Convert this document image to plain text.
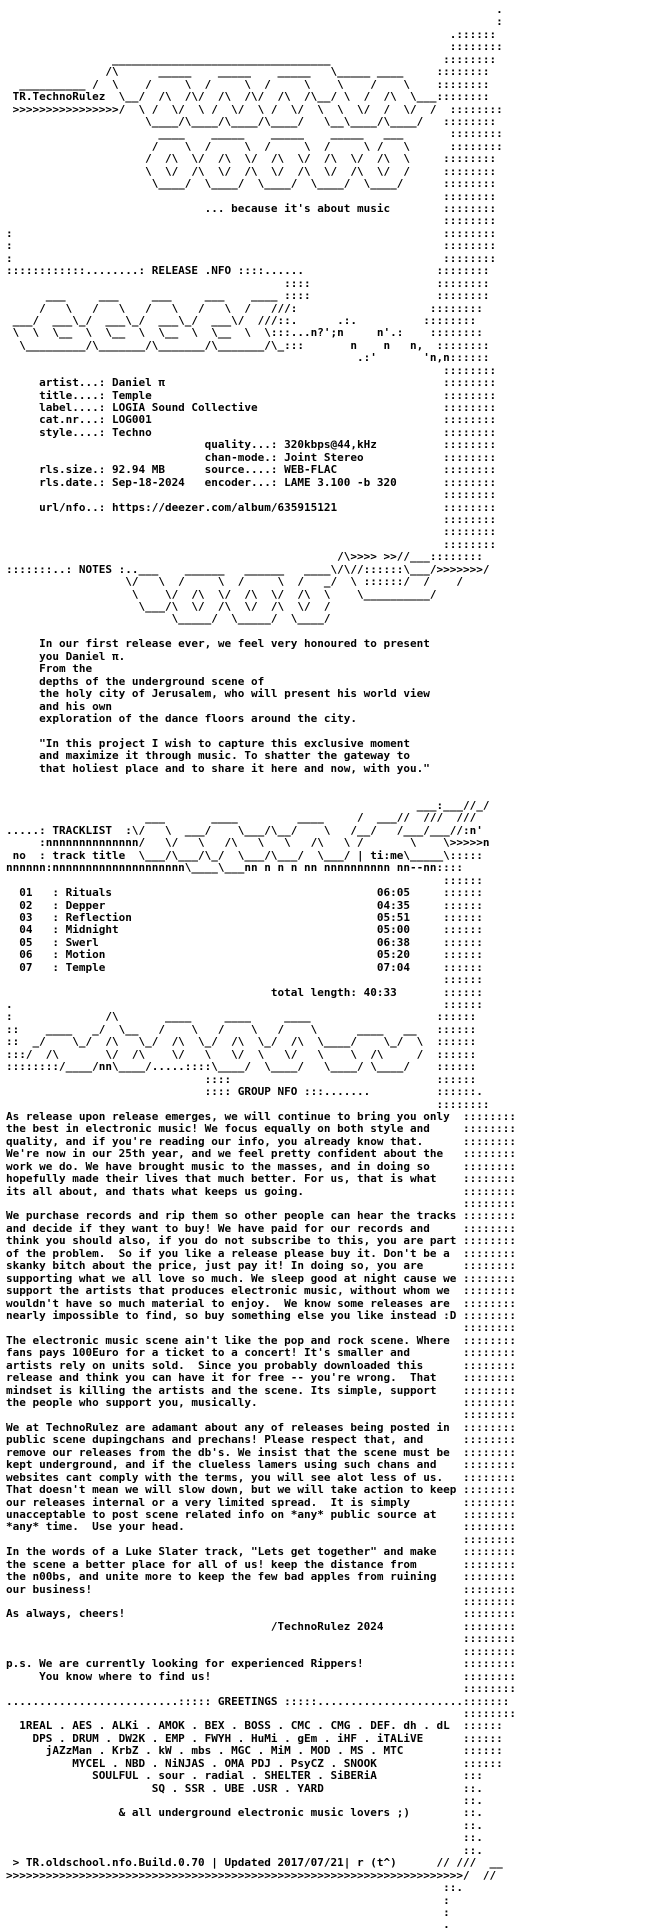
.
:
.::::::
::::::::
_________________________________                 ::::::::
/\      _____    _____    _____   \_____ ____     ::::::::
__________ /  \    /     \  /     \  /     \    \    /    \    ::::::::
TR.TechnoRulez  \__/  /\  /\/  /\  /\/  /\  /\__/ \  /  /\  \___::::::::
>>>>>>>>>>>>>>>>/  \ /  \/  \ /  \/  \ /  \/  \  \  \/  /  \/  /  ::::::::
\____/\____/\____/\____/   \__\____/\____/   ::::::::
____    _____    _____    _____   ___       ::::::::
/    \  /     \  /     \  /     \ /   \      ::::::::
/  /\  \/  /\  \/  /\  \/  /\  \/  /\  \     ::::::::
\  \/  /\  \/  /\  \/  /\  \/  /\  \/  /     ::::::::
\____/  \____/  \____/  \____/  \____/      ::::::::
::::::::
... because it's about music        ::::::::
::::::::
:                                                                 ::::::::
:                                                                 ::::::::
:                                                                 ::::::::
::::::::::::........: RELEASE .NFO ::::......                    ::::::::
::::                   ::::::::
___     ___     ___     ___    ____ ::::                   ::::::::
/   \   /   \   /   \   /   \  /   ///:                    ::::::::
___/  ___\_/  ___\_/  ___\_/  ___\/  ///::.      .:.          ::::::::
\  \  \__  \  \__  \  \__  \  \__  \  \:::...n?';n     n'.:    ::::::::
\_________/\_______/\_______/\_______/\_:::       n    n   n,  ::::::::
.:'       'n,n::::::
::::::::
artist...: Daniel π                                          ::::::::
title....: Temple                                            ::::::::
label....: LOGIA Sound Collective                            ::::::::
cat.nr...: LOG001                                            ::::::::
style....: Techno                                            ::::::::
quality...: 320kbps@44,kHz          ::::::::
chan-mode.: Joint Stereo            ::::::::
rls.size.: 92.94 MB      source....: WEB-FLAC                ::::::::
rls.date.: Sep-18-2024   encoder...: LAME 3.100 -b 320       ::::::::
::::::::
url/nfo..: https://deezer.com/album/635915121                ::::::::
::::::::
::::::::
::::::::
/\>>>> >>//___::::::::
:::::::..: NOTES :..___    ______   ______   ____\/\//::::::\___/>>>>>>>/
\/   \  /     \  /     \  /   _/  \ ::::::/  /    /
\    \/  /\  \/  /\  \/  /\  \    \__________/
\___/\  \/  /\  \/  /\  \/  /
\_____/  \_____/  \____/

In our first release ever, we feel very honoured to present
you Daniel π.
From the
depths of the underground scene of
the holy city of Jerusalem, who will present his world view
and his own
exploration of the dance floors around the city.

"In this project I wish to capture this exclusive moment
and maximize it through music. To shatter the gateway to
that holiest place and to share it here and now, with you."

___:___//_/
___       ____         ____     /  ___//  ///  ///
.....: TRACKLIST  :\/   \  ___/    \___/\__/    \   /__/   /___/___//:n'
:nnnnnnnnnnnnnn/   \/   \   /\   \   \   /\   \ /       \    \>>>>>n
no  : track title  \___/\___/\_/  \___/\___/  \___/ | ti:me\_____\:::::
nnnnnn:nnnnnnnnnnnnnnnnnnnn\____\___nn n n n nn nnnnnnnnnn nn--nn::::
::::::
01   : Rituals                                        06:05     ::::::
02   : Depper                                         04:35     ::::::
03   : Reflection                                     05:51     ::::::
04   : Midnight                                       05:00     ::::::
05   : Swerl                                          06:38     ::::::
06   : Motion                                         05:20     ::::::
07   : Temple                                         07:04     ::::::
::::::
total length: 40:33       ::::::
.                                                                 ::::::
:              /\       ____     ____     ____                   ::::::
::    ____   _/  \__   /    \   /    \   /    \      ____   __   ::::::
::  _/    \_/  /\   \_/  /\  \_/  /\  \_/  /\  \____/    \_/  \  ::::::
:::/  /\       \/  /\    \/   \   \/  \   \/   \    \  /\     /  ::::::
::::::::/____/nn\____/.....::::\____/  \____/   \____/ \____/    ::::::
::::                               ::::::
:::: GROUP NFO :::.......          ::::::.
::::::::
As release upon release emerges, we will continue to bring you only  ::::::::
the best in electronic music! We focus equally on both style and     ::::::::
quality, and if you're reading our info, you already know that.      ::::::::
We're now in our 25th year, and we feel pretty confident about the   ::::::::
work we do. We have brought music to the masses, and in doing so     ::::::::
hopefully made their lives that much better. For us, that is what    ::::::::
its all about, and thats what keeps us going.                        ::::::::
::::::::
We purchase records and rip them so other people can hear the tracks ::::::::
and decide if they want to buy! We have paid for our records and     ::::::::
think you should also, if you do not subscribe to this, you are part ::::::::
of the problem.  So if you like a release please buy it. Don't be a  ::::::::
skanky bitch about the price, just pay it! In doing so, you are      ::::::::
supporting what we all love so much. We sleep good at night cause we ::::::::
support the artists that produces electronic music, without whom we  ::::::::
wouldn't have so much material to enjoy.  We know some releases are  ::::::::
nearly impossible to find, so buy something else you like instead :D ::::::::
::::::::
The electronic music scene ain't like the pop and rock scene. Where  ::::::::
fans pays 100Euro for a ticket to a concert! It's smaller and        ::::::::
artists rely on units sold.  Since you probably downloaded this      ::::::::
release and think you can have it for free -- you're wrong.  That    ::::::::
mindset is killing the artists and the scene. Its simple, support    ::::::::
the people who support you, musically.                               ::::::::
::::::::
We at TechnoRulez are adamant about any of releases being posted in  ::::::::
public scene dupingchans and prechans! Please respect that, and      ::::::::
remove our releases from the db's. We insist that the scene must be  ::::::::
kept underground, and if the clueless lamers using such chans and    ::::::::
websites cant comply with the terms, you will see alot less of us.   ::::::::
That doesn't mean we will slow down, but we will take action to keep ::::::::
our releases internal or a very limited spread.  It is simply        ::::::::
unacceptable to post scene related info on *any* public source at    ::::::::
*any* time.  Use your head.                                          ::::::::
::::::::
In the words of a Luke Slater track, "Lets get together" and make    ::::::::
the scene a better place for all of us! keep the distance from       ::::::::
the n00bs, and unite more to keep the few bad apples from ruining    ::::::::
our business!                                                        ::::::::
::::::::
As always, cheers!                                                   ::::::::
/TechnoRulez 2024            ::::::::
::::::::
::::::::
p.s. We are currently looking for experienced Rippers!               ::::::::
You know where to find us!                                      ::::::::
::::::::
..........................::::: GREETINGS :::::......................:::::::
::::::::
1REAL . AES . ALKi . AMOK . BEX . BOSS . CMC . CMG . DEF. dh . dL  ::::::
DPS . DRUM . DW2K . EMP . FWYH . HuMi . gEm . iHF . iTALiVE      ::::::
jAZzMan . KrbZ . kW . mbs . MGC . MiM . MOD . MS . MTC         ::::::
MYCEL . NBD . NiNJAS . OMA PDJ . PsyCZ . SNOOK             ::::::
SOULFUL . sour . radial . SHELTER . SiBERiA             :::
SQ . SSR . UBE .USR . YARD                     ::.
::.
& all underground electronic music lovers ;)        ::.
::.
::.
::.
> TR.oldschool.nfo.Build.0.70 | Updated 2017/07/21| r (t^)      // ///  __
>>>>>>>>>>>>>>>>>>>>>>>>>>>>>>>>>>>>>>>>>>>>>>>>>>>>>>>>>>>>>>>>>>>>>/  //
::.
:
:
.
